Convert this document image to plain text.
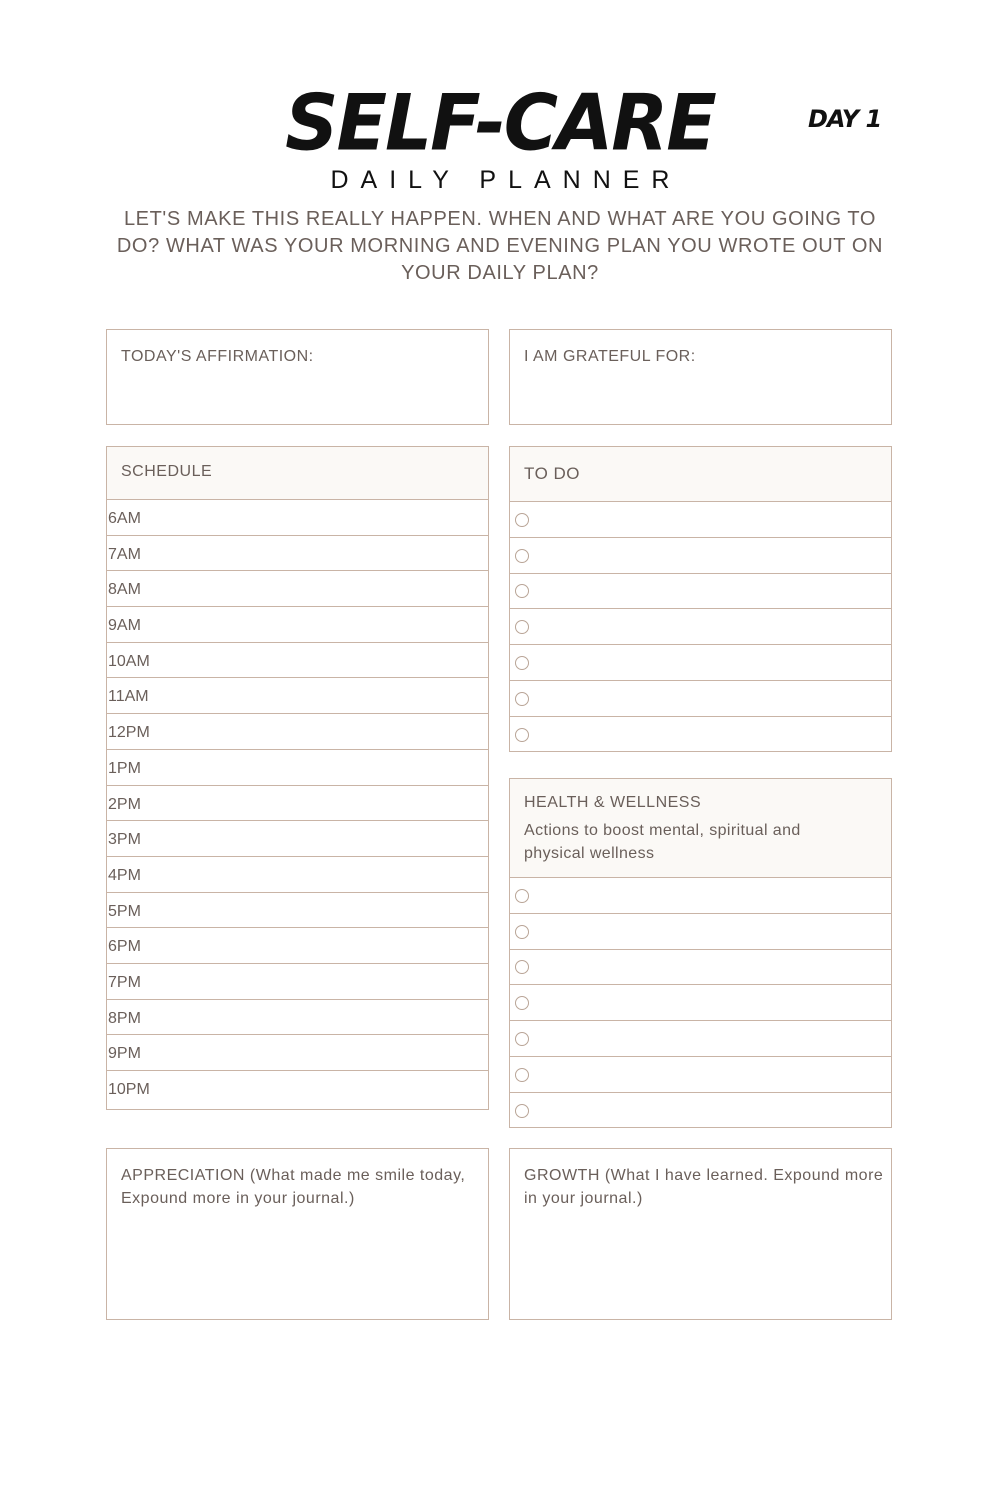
SELF-CARE	DAY 1
DAILY PLANNER
LET'S MAKE THIS REALLY HAPPEN. WHEN AND WHAT ARE YOU GOING TO DO? WHAT WAS YOUR MORNING AND EVENING PLAN YOU WROTE OUT ON YOUR DAILY PLAN?
TODAY'S AFFIRMATION:	I AM GRATEFUL FOR:
SCHEDULE
6AM
7AM
8AM
9AM
10AM
11AM
12PM
1PM
2PM
3PM
4PM
5PM
6PM
7PM
8PM
9PM
10PM
TO DO
HEALTH & WELLNESS
Actions to boost mental, spiritual and physical wellness
APPRECIATION (What made me smile today, Expound more in your journal.)
GROWTH (What I have learned. Expound more in your journal.)
